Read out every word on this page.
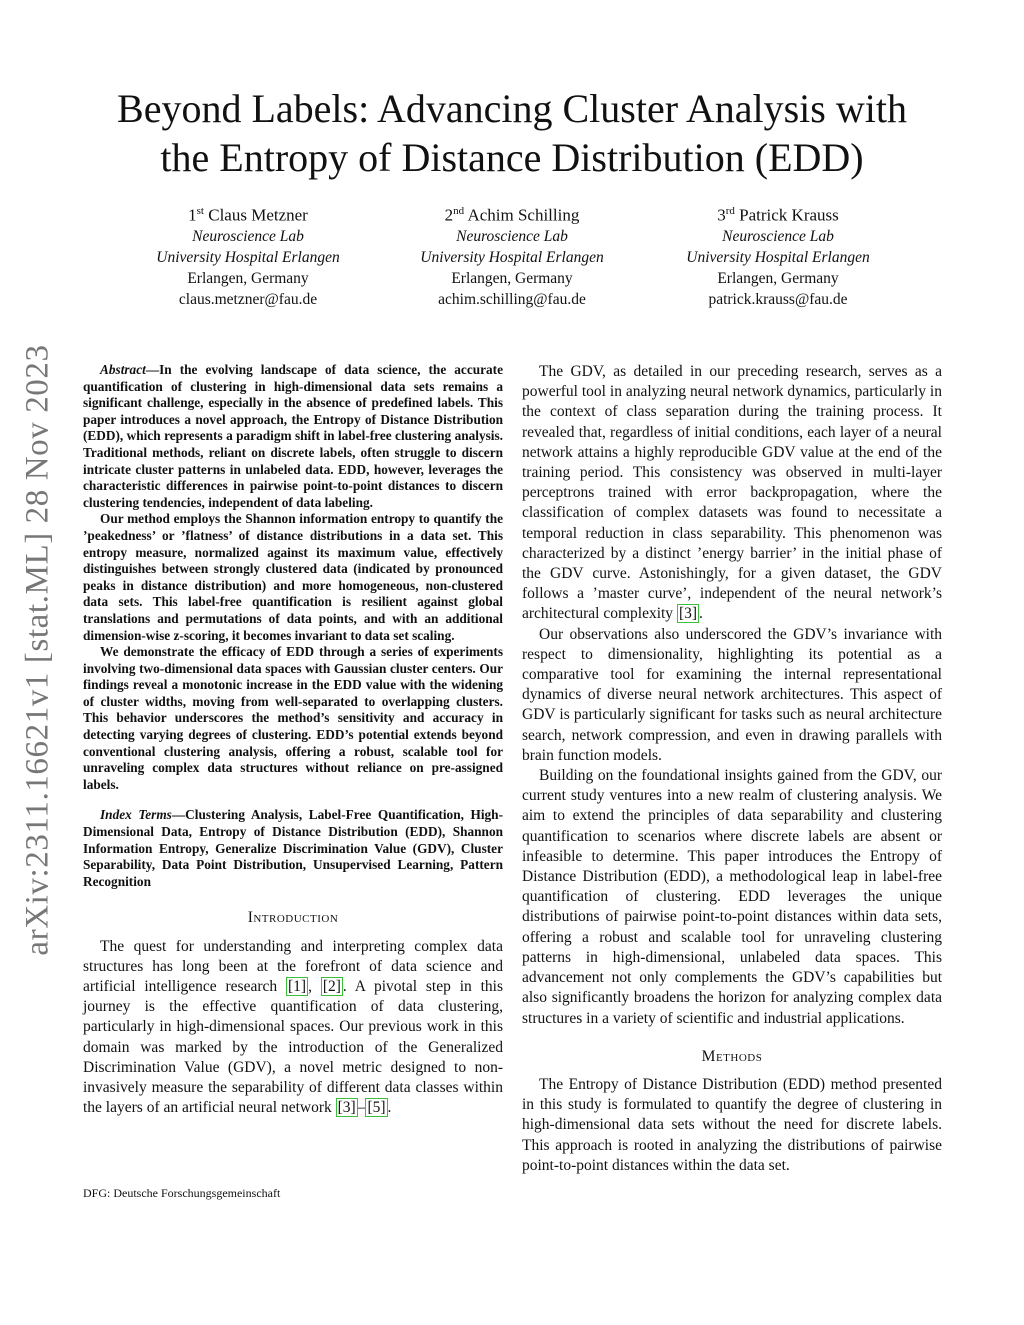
arXiv:2311.16621v1 [stat.ML] 28 Nov 2023
Beyond Labels: Advancing Cluster Analysis with
the Entropy of Distance Distribution (EDD)
1st Claus Metzner
Neuroscience Lab
University Hospital Erlangen
Erlangen, Germany
claus.metzner@fau.de
2nd Achim Schilling
Neuroscience Lab
University Hospital Erlangen
Erlangen, Germany
achim.schilling@fau.de
3rd Patrick Krauss
Neuroscience Lab
University Hospital Erlangen
Erlangen, Germany
patrick.krauss@fau.de

Abstract—In the evolving landscape of data science, the accurate quantification of clustering in high-dimensional data sets remains a significant challenge, especially in the absence of predefined labels. This paper introduces a novel approach, the Entropy of Distance Distribution (EDD), which represents a paradigm shift in label-free clustering analysis. Traditional methods, reliant on discrete labels, often struggle to discern intricate cluster patterns in unlabeled data. EDD, however, leverages the characteristic differences in pairwise point-to-point distances to discern clustering tendencies, independent of data labeling.

Our method employs the Shannon information entropy to quantify the ’peakedness’ or ’flatness’ of distance distributions in a data set. This entropy measure, normalized against its maximum value, effectively distinguishes between strongly clustered data (indicated by pronounced peaks in distance distribution) and more homogeneous, non-clustered data sets. This label-free quantification is resilient against global translations and permutations of data points, and with an additional dimension-wise z-scoring, it becomes invariant to data set scaling.

We demonstrate the efficacy of EDD through a series of experiments involving two-dimensional data spaces with Gaussian cluster centers. Our findings reveal a monotonic increase in the EDD value with the widening of cluster widths, moving from well-separated to overlapping clusters. This behavior underscores the method’s sensitivity and accuracy in detecting varying degrees of clustering. EDD’s potential extends beyond conventional clustering analysis, offering a robust, scalable tool for unraveling complex data structures without reliance on pre-assigned labels.

Index Terms—Clustering Analysis, Label-Free Quantification, High-Dimensional Data, Entropy of Distance Distribution (EDD), Shannon Information Entropy, Generalize Discrimination Value (GDV), Cluster Separability, Data Point Distribution, Unsupervised Learning, Pattern Recognition

Introduction

The quest for understanding and interpreting complex data structures has long been at the forefront of data science and artificial intelligence research [1] , [2] . A pivotal step in this journey is the effective quantification of data clustering, particularly in high-dimensional spaces. Our previous work in this domain was marked by the introduction of the Generalized Discrimination Value (GDV), a novel metric designed to non-invasively measure the separability of different data classes within the layers of an artificial neural network [3] – [5] .

DFG: Deutsche Forschungsgemeinschaft

The GDV, as detailed in our preceding research, serves as a powerful tool in analyzing neural network dynamics, particularly in the context of class separation during the training process. It revealed that, regardless of initial conditions, each layer of a neural network attains a highly reproducible GDV value at the end of the training period. This consistency was observed in multi-layer perceptrons trained with error backpropagation, where the classification of complex datasets was found to necessitate a temporal reduction in class separability. This phenomenon was characterized by a distinct ’energy barrier’ in the initial phase of the GDV curve. Astonishingly, for a given dataset, the GDV follows a ’master curve’, independent of the neural network’s architectural complexity [3] .

Our observations also underscored the GDV’s invariance with respect to dimensionality, highlighting its potential as a comparative tool for examining the internal representational dynamics of diverse neural network architectures. This aspect of GDV is particularly significant for tasks such as neural architecture search, network compression, and even in drawing parallels with brain function models.

Building on the foundational insights gained from the GDV, our current study ventures into a new realm of clustering analysis. We aim to extend the principles of data separability and clustering quantification to scenarios where discrete labels are absent or infeasible to determine. This paper introduces the Entropy of Distance Distribution (EDD), a methodological leap in label-free quantification of clustering. EDD leverages the unique distributions of pairwise point-to-point distances within data sets, offering a robust and scalable tool for unraveling clustering patterns in high-dimensional, unlabeled data spaces. This advancement not only complements the GDV’s capabilities but also significantly broadens the horizon for analyzing complex data structures in a variety of scientific and industrial applications.

Methods

The Entropy of Distance Distribution (EDD) method presented in this study is formulated to quantify the degree of clustering in high-dimensional data sets without the need for discrete labels. This approach is rooted in analyzing the distributions of pairwise point-to-point distances within the data set.
